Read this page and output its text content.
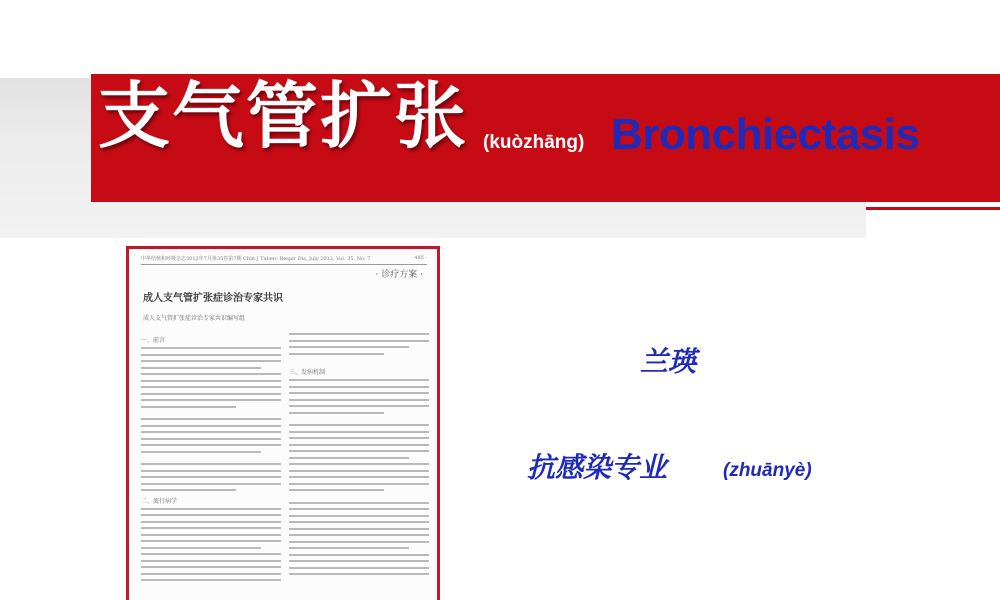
支气管扩张 (kuòzhāng) Bronchiectasis
中华结核和呼吸杂志2012年7月第35卷第7期 Chin J Tuberc Respir Dis, July 2012, Vol. 35, No. 7	· 485 ·
· 诊疗方案 ·
成人支气管扩张症诊治专家共识
成人支气管扩张症诊治专家共识编写组
一、前言
二、流行病学
三、发病机制	兰瑛
抗感染专业	(zhuānyè)
